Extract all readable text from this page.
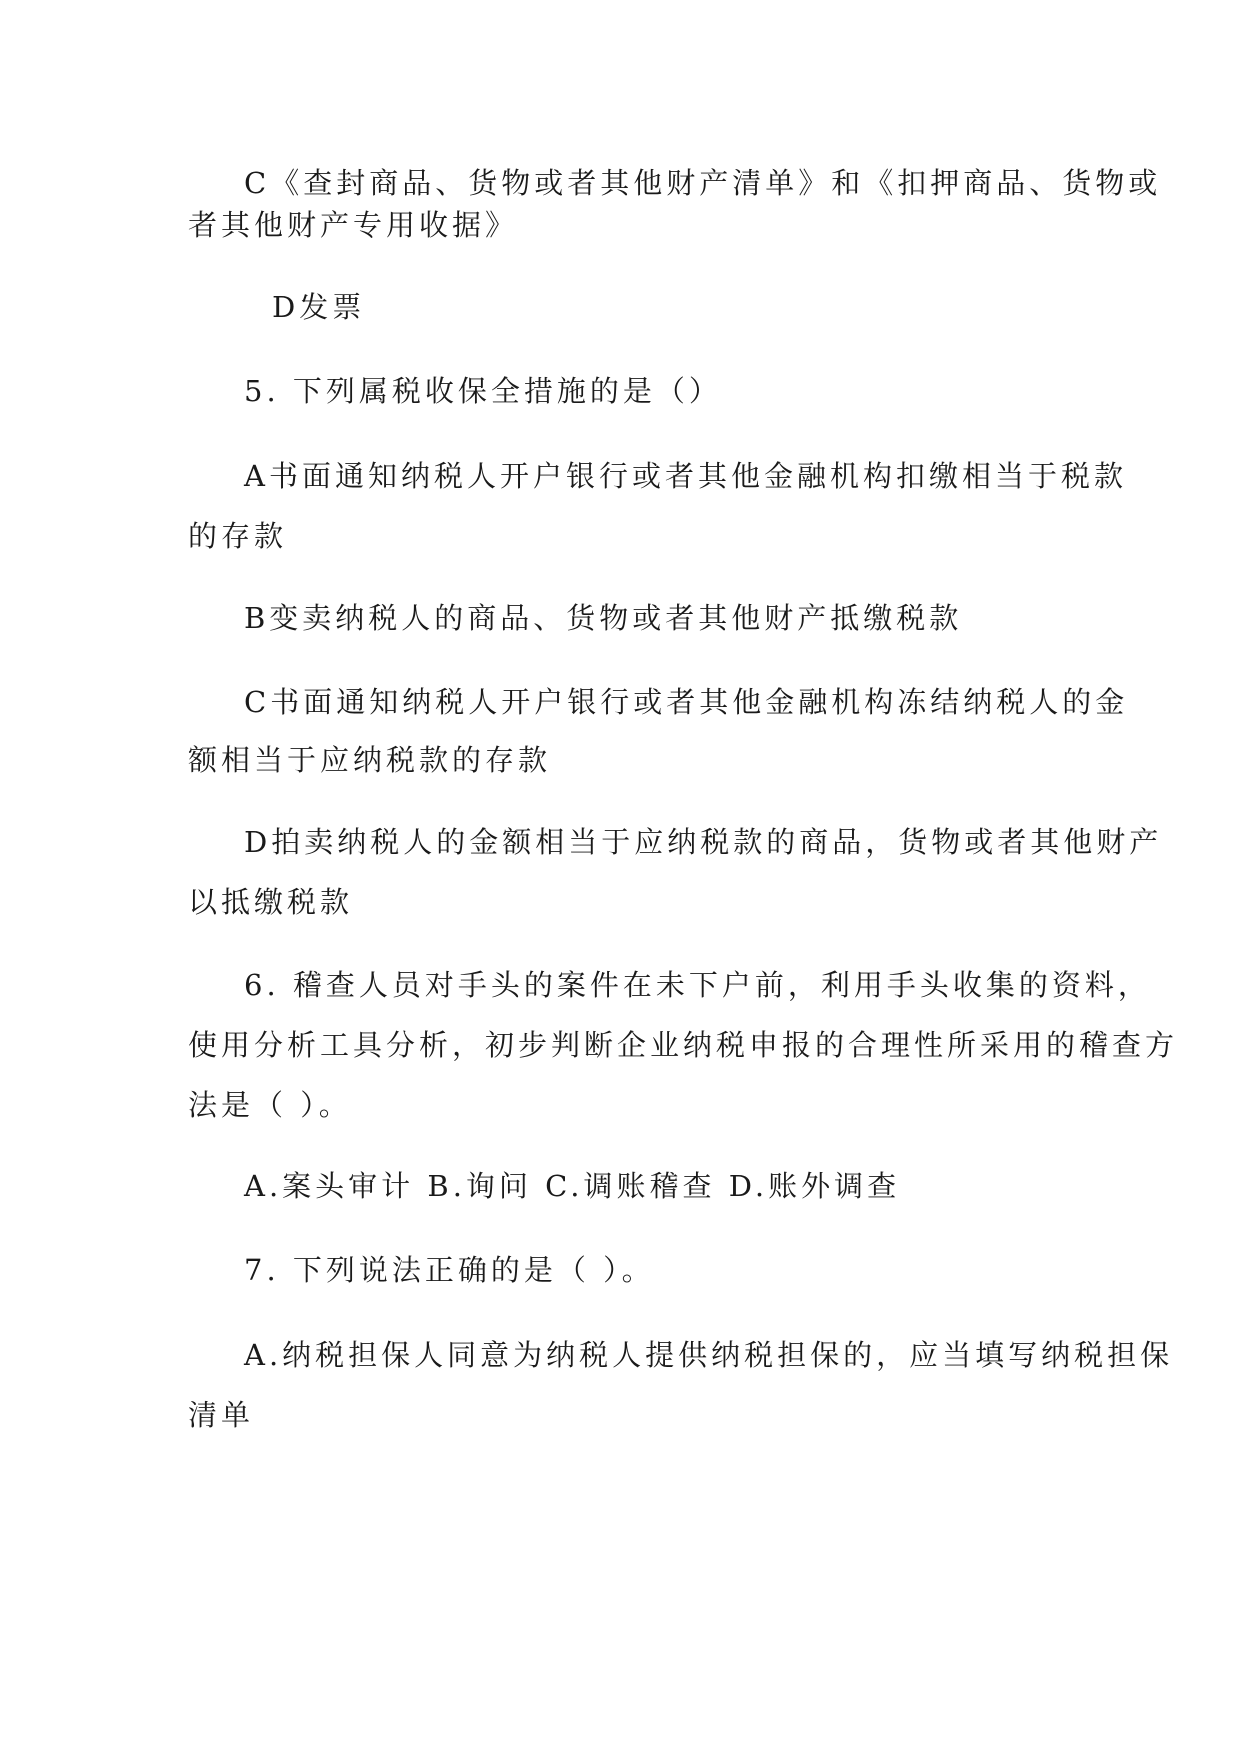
C《查封商品、货物或者其他财产清单》和《扣押商品、货物或

者其他财产专用收据》

D发票

5. 下列属税收保全措施的是（）

A书面通知纳税人开户银行或者其他金融机构扣缴相当于税款

的存款

B变卖纳税人的商品、货物或者其他财产抵缴税款

C书面通知纳税人开户银行或者其他金融机构冻结纳税人的金

额相当于应纳税款的存款

D拍卖纳税人的金额相当于应纳税款的商品，货物或者其他财产

以抵缴税款

6. 稽查人员对手头的案件在未下户前，利用手头收集的资料，

使用分析工具分析，初步判断企业纳税申报的合理性所采用的稽查方

法是（ ）。

A.案头审计 B.询问 C.调账稽查 D.账外调查

7. 下列说法正确的是（ ）。

A.纳税担保人同意为纳税人提供纳税担保的，应当填写纳税担保

清单
